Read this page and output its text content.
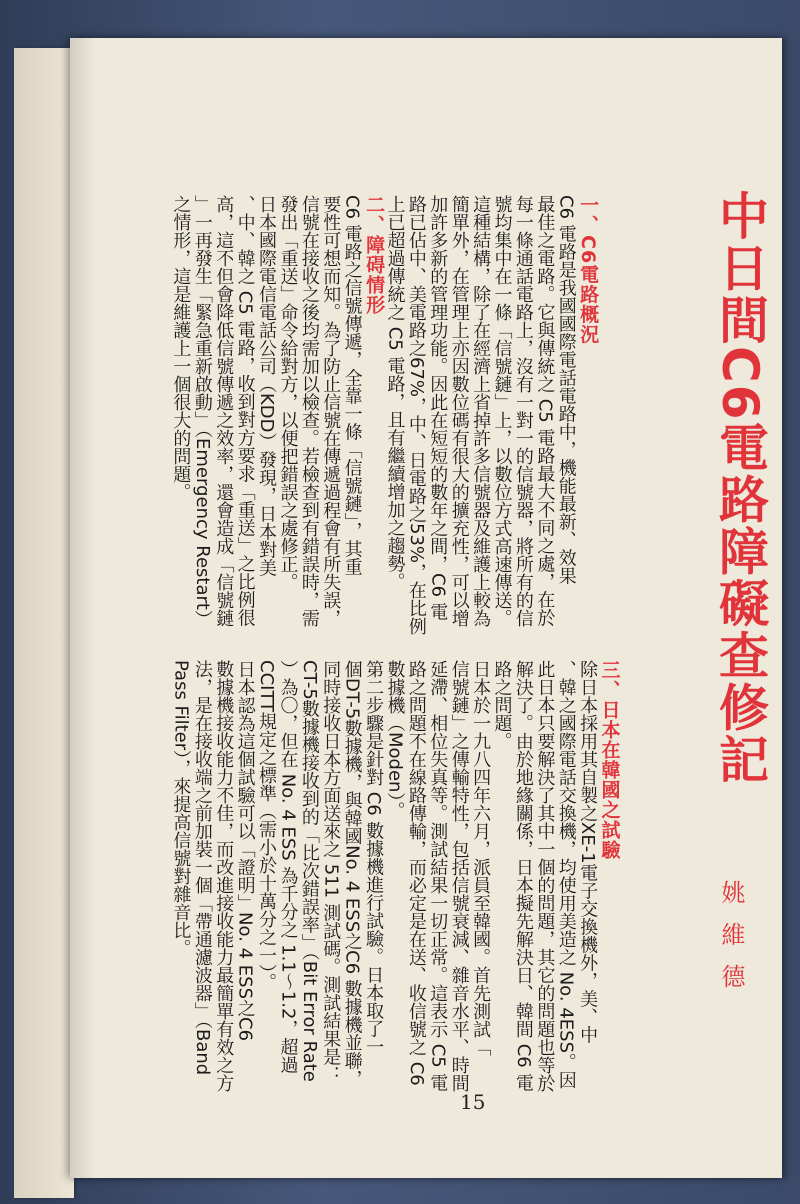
中日間C6電路障礙查修記
姚維德
一、C6電路概況
C6 電路是我國國際電話電路中，機能最新、效果
最佳之電路。它與傳統之 C5 電路最大不同之處，在於
每一條通話電路上，沒有一對一的信號器，將所有的信
號均集中在一條「信號鏈」上，以數位方式高速傳送。
這種結構，除了在經濟上省掉許多信號器及維護上較為
簡單外，在管理上亦因數位碼有很大的擴充性，可以增
加許多新的管理功能。因此在短短的數年之間，C6 電
路已佔中、美電路之67%，中、日電路之53%，在比例
上已超過傳統之 C5 電路，且有繼續增加之趨勢。
二、障碍情形
C6 電路之信號傳遞，全靠一條「信號鏈」，其重
要性可想而知。為了防止信號在傳遞過程會有所失誤，
信號在接收之後均需加以檢查。若檢查到有錯誤時，需
發出「重送」命令給對方，以便把錯誤之處修正。
日本國際電信電話公司（KDD）發現，日本對美
、中、韓之 C5 電路，收到對方要求「重送」之比例很
高，這不但會降低信號傳遞之效率，還會造成「信號鏈
」一再發生「緊急重新啟動」（Emergency Restart）
之情形，這是維護上一個很大的問題。
三、日本在韓國之試驗
除日本採用其自製之XE-1電子交換機外，美、中
、韓之國際電話交換機，均使用美造之 No. 4ESS。因
此日本只要解決了其中一個的問題，其它的問題也等於
解決了。由於地緣關係，日本擬先解決日、韓間 C6 電
路之問題。
日本於一九八四年六月，派員至韓國。首先測試「
信號鏈」之傳輸特性，包括信號衰減、雜音水平、時間
延滯、相位失真等。測試結果一切正常。這表示 C5 電
路之問題不在線路傳輸，而必定是在送、收信號之 C6
數據機（Moden）。
第二步驟是針對 C6 數據機進行試驗。日本取了一
個DT-5數據機，與韓國No. 4 ESS之C6 數據機並聯，
同時接收日本方面送來之 511 測試碼。測試結果是：
CT-5數據機接收到的「比次錯誤率」（Bit Error Rate
）為〇，但在 No. 4 ESS 為千分之 1.1～1.2，超過
CCITT規定之標準（需小於十萬分之一）。
日本認為這個試驗可以「證明」No. 4 ESS之C6
數據機接收能力不佳，而改進接收能力最簡單有效之方
法，是在接收端之前加裝一個「帶通濾波器」（Band
Pass Filter），來提高信號對雜音比。
15
